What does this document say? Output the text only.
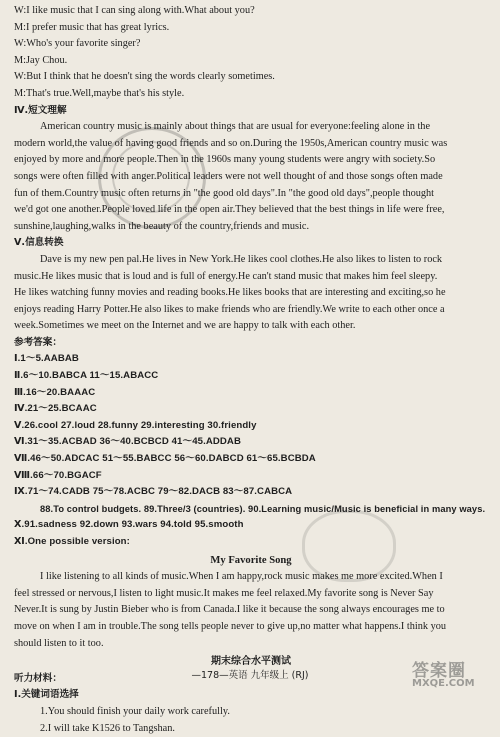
W:I like music that I can sing along with.What about you?
M:I prefer music that has great lyrics.
W:Who's your favorite singer?
M:Jay Chou.
W:But I think that he doesn't sing the words clearly sometimes.
M:That's true.Well,maybe that's his style.
Ⅳ.短文理解
American country music is mainly about things that are usual for everyone:feeling alone in the
modern world,the value of having good friends and so on.During the 1950s,American country music was
enjoyed by more and more people.Then in the 1960s many young students were angry with society.So
songs were often filled with anger.Political leaders were not well thought of and those songs often made
fun of them.Country music often returns in "the good old days".In "the good old days",people thought
we'd got one another.People loved life in the open air.They believed that the best things in life were free,
sunshine,laughing,walks in the beauty of the country,friends and music.
Ⅴ.信息转换
Dave is my new pen pal.He lives in New York.He likes cool clothes.He also likes to listen to rock
music.He likes music that is loud and is full of energy.He can't stand music that makes him feel sleepy.
He likes watching funny movies and reading books.He likes books that are interesting and exciting,so he
enjoys reading Harry Potter.He also likes to make friends who are friendly.We write to each other once a
week.Sometimes we meet on the Internet and we are happy to talk with each other.
参考答案：
Ⅰ.1～5.AABAB
Ⅱ.6～10.BABCA 11～15.ABACC
Ⅲ.16～20.BAAAC
Ⅳ.21～25.BCAAC
Ⅴ.26.cool 27.loud 28.funny 29.interesting 30.friendly
Ⅵ.31～35.ACBAD 36～40.BCBCD 41～45.ADDAB
Ⅶ.46～50.ADCAC 51～55.BABCC 56～60.DABCD 61～65.BCBDA
Ⅷ.66～70.BGACF
Ⅸ.71～74.CADB 75～78.ACBC 79～82.DACB 83～87.CABCA
88.To control budgets. 89.Three/3 (countries). 90.Learning music/Music is beneficial in many ways.
Ⅹ.91.sadness 92.down 93.wars 94.told 95.smooth
Ⅺ.One possible version:
My Favorite Song
I like listening to all kinds of music.When I am happy,rock music makes me more excited.When I
feel stressed or nervous,I listen to light music.It makes me feel relaxed.My favorite song is Never Say
Never.It is sung by Justin Bieber who is from Canada.I like it because the song always encourages me to
move on when I am in trouble.The song tells people never to give up,no matter what happens.I think you
should listen to it too.
期末综合水平测试
听力材料：
Ⅰ.关键词语选择
1.You should finish your daily work carefully.
2.I will take K1526 to Tangshan.
—178—英语 九年级上 (RJ)	答案圈
MXQE.COM
